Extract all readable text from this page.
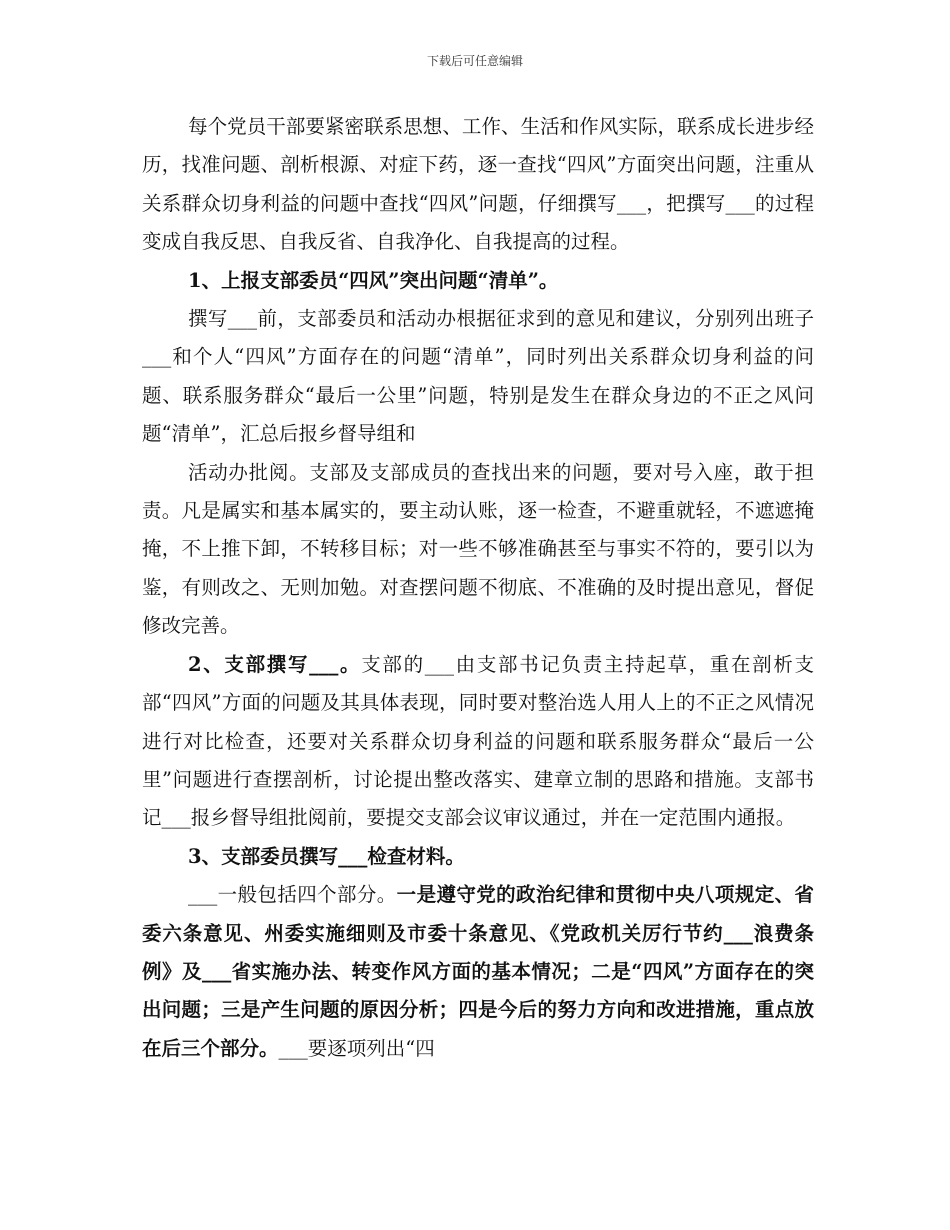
下载后可任意编辑

每个党员干部要紧密联系思想、工作、生活和作风实际，联系成长进步经历，找准问题、剖析根源、对症下药，逐一查找“四风”方面突出问题，注重从关系群众切身利益的问题中查找“四风”问题，仔细撰写___，把撰写___的过程变成自我反思、自我反省、自我净化、自我提高的过程。

1、上报支部委员“四风”突出问题“清单”。

撰写___前，支部委员和活动办根据征求到的意见和建议，分别列出班子___和个人“四风”方面存在的问题“清单”，同时列出关系群众切身利益的问题、联系服务群众“最后一公里”问题，特别是发生在群众身边的不正之风问题“清单”，汇总后报乡督导组和

活动办批阅。支部及支部成员的查找出来的问题，要对号入座，敢于担责。凡是属实和基本属实的，要主动认账，逐一检查，不避重就轻，不遮遮掩掩，不上推下卸，不转移目标；对一些不够准确甚至与事实不符的，要引以为鉴，有则改之、无则加勉。对查摆问题不彻底、不准确的及时提出意见，督促修改完善。

2、支部撰写___。支部的___由支部书记负责主持起草，重在剖析支部“四风”方面的问题及其具体表现，同时要对整治选人用人上的不正之风情况进行对比检查，还要对关系群众切身利益的问题和联系服务群众“最后一公里”问题进行查摆剖析，讨论提出整改落实、建章立制的思路和措施。支部书记___报乡督导组批阅前，要提交支部会议审议通过，并在一定范围内通报。

3、支部委员撰写___检查材料。

___一般包括四个部分。一是遵守党的政治纪律和贯彻中央八项规定、省委六条意见、州委实施细则及市委十条意见、《党政机关厉行节约___浪费条例》及___省实施办法、转变作风方面的基本情况；二是“四风”方面存在的突出问题；三是产生问题的原因分析；四是今后的努力方向和改进措施，重点放在后三个部分。___要逐项列出“四
